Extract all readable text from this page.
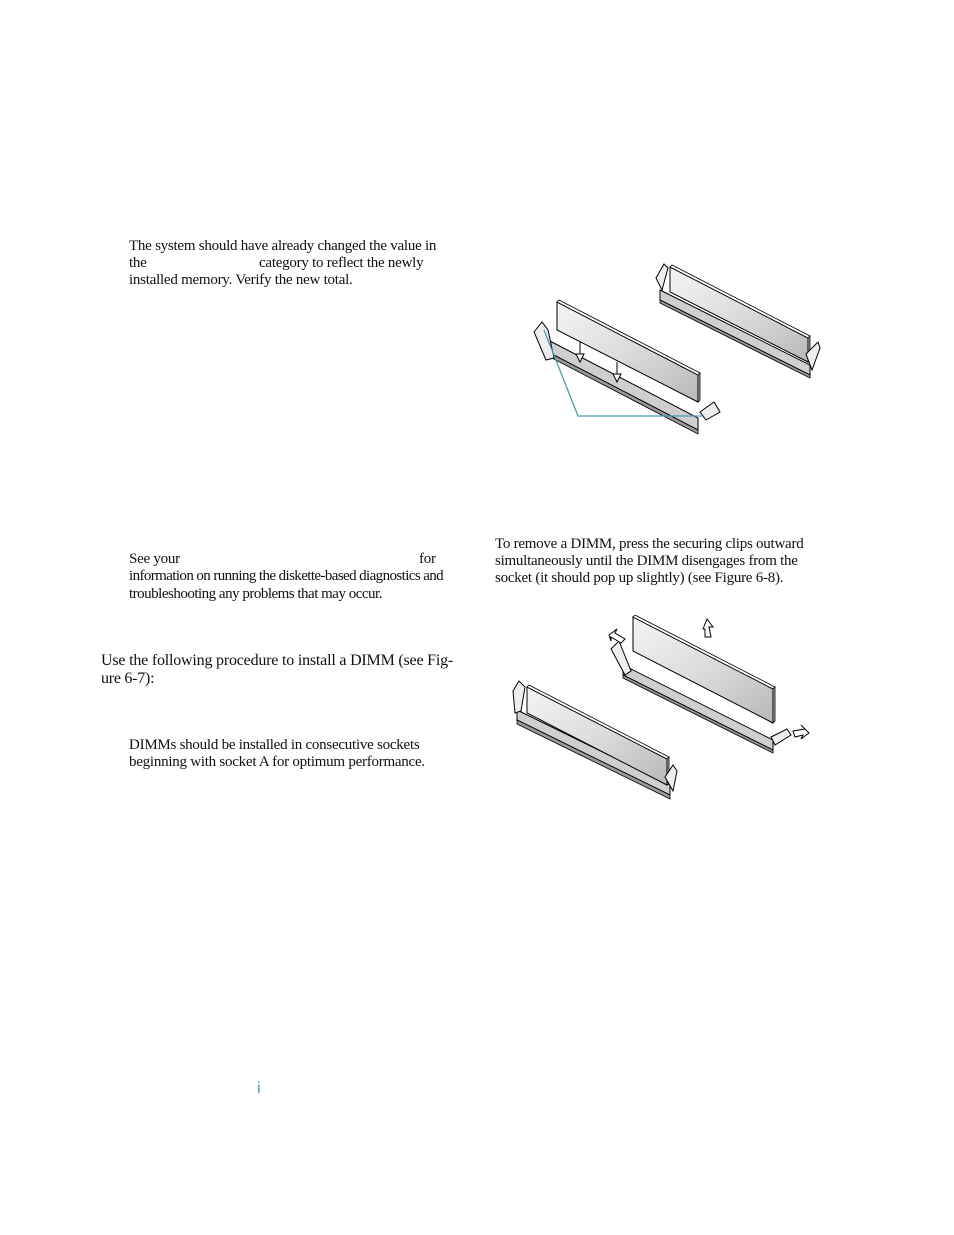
The system should have already changed the value in
the	category to reflect the newly
installed memory. Verify the new total.
See your	for
information on running the diskette-based diagnostics and
troubleshooting any problems that may occur.
Use the following procedure to install a DIMM (see Fig-
ure 6-7):
DIMMs should be installed in consecutive sockets
beginning with socket A for optimum performance.
i
To remove a DIMM, press the securing clips outward
simultaneously until the DIMM disengages from the
socket (it should pop up slightly) (see Figure 6-8).
